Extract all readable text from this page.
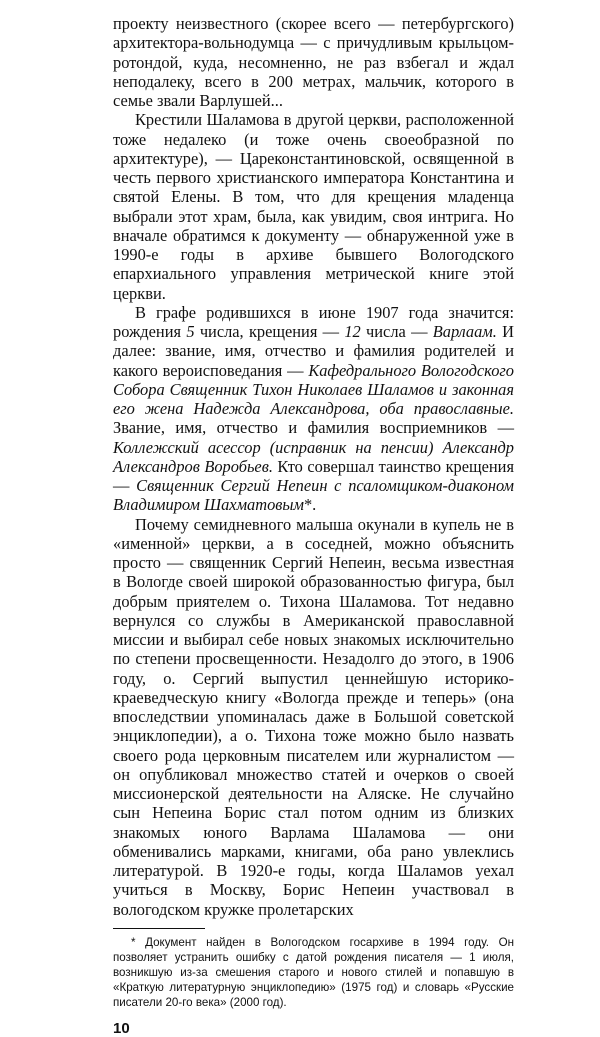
проекту неизвестного (скорее всего — петербургского) архитектора-вольнодумца — с причудливым крыльцом-ротондой, куда, несомненно, не раз взбегал и ждал неподалеку, всего в 200 метрах, мальчик, которого в семье звали Варлушей...

Крестили Шаламова в другой церкви, расположенной тоже недалеко (и тоже очень своеобразной по архитектуре), — Цареконстантиновской, освященной в честь первого христианского императора Константина и святой Елены. В том, что для крещения младенца выбрали этот храм, была, как увидим, своя интрига. Но вначале обратимся к документу — обнаруженной уже в 1990-е годы в архиве бывшего Вологодского епархиального управления метрической книге этой церкви.

В графе родившихся в июне 1907 года значится: рождения 5 числа, крещения — 12 числа — Варлаам. И далее: звание, имя, отчество и фамилия родителей и какого вероисповедания — Кафедрального Вологодского Собора Священник Тихон Николаев Шаламов и законная его жена Надежда Александрова, оба православные. Звание, имя, отчество и фамилия восприемников — Коллежский асессор (исправник на пенсии) Александр Александров Воробьев. Кто совершал таинство крещения — Священник Сергий Непеин с псаломщиком-диаконом Владимиром Шахматовым*.

Почему семидневного малыша окунали в купель не в «именной» церкви, а в соседней, можно объяснить просто — священник Сергий Непеин, весьма известная в Вологде своей широкой образованностью фигура, был добрым приятелем о. Тихона Шаламова. Тот недавно вернулся со службы в Американской православной миссии и выбирал себе новых знакомых исключительно по степени просвещенности. Незадолго до этого, в 1906 году, о. Сергий выпустил ценнейшую историко-краеведческую книгу «Вологда прежде и теперь» (она впоследствии упоминалась даже в Большой советской энциклопедии), а о. Тихона тоже можно было назвать своего рода церковным писателем или журналистом — он опубликовал множество статей и очерков о своей миссионерской деятельности на Аляске. Не случайно сын Непеина Борис стал потом одним из близких знакомых юного Варлама Шаламова — они обменивались марками, книгами, оба рано увлеклись литературой. В 1920-е годы, когда Шаламов уехал учиться в Москву, Борис Непеин участвовал в вологодском кружке пролетарских

* Документ найден в Вологодском госархиве в 1994 году. Он позволяет устранить ошибку с датой рождения писателя — 1 июля, возникшую из-за смешения старого и нового стилей и попавшую в «Краткую литературную энциклопедию» (1975 год) и словарь «Русские писатели 20-го века» (2000 год).

10
